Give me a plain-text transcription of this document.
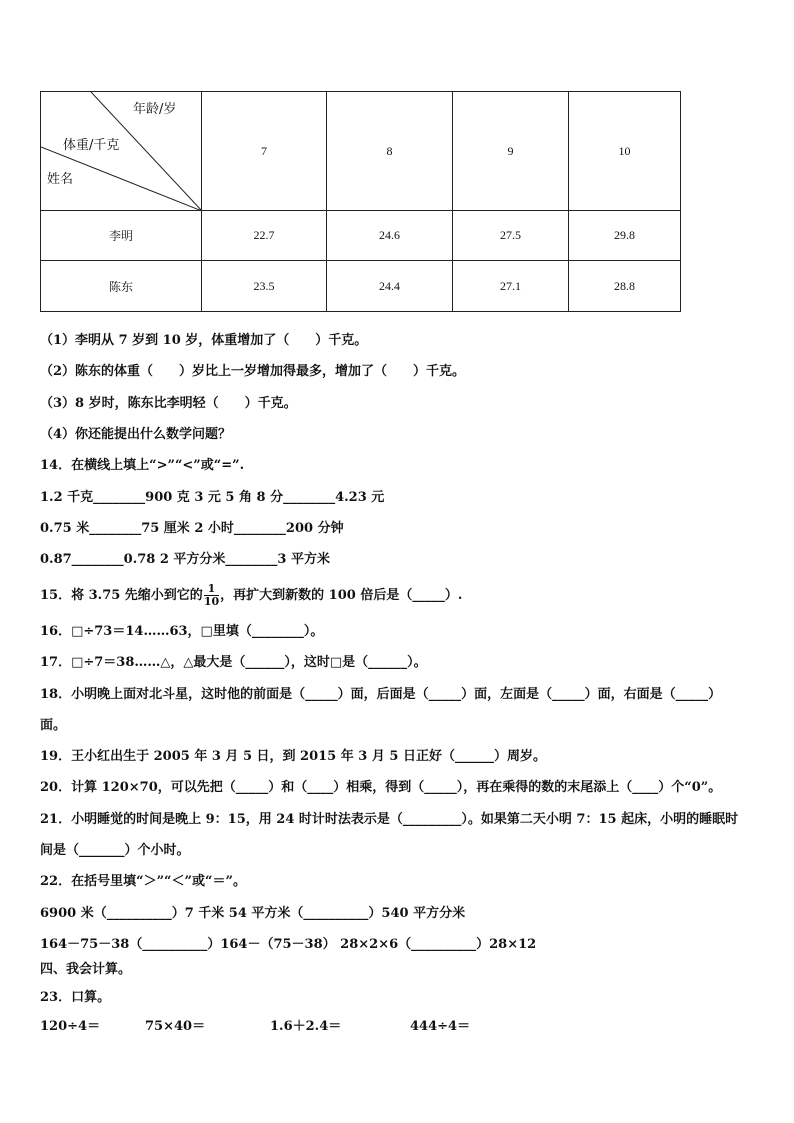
年龄/岁
体重/千克
姓名	7	8	9	10
李明	22.7	24.6	27.5	29.8
陈东	23.5	24.4	27.1	28.8
（1）李明从 7 岁到 10 岁，体重增加了（　　）千克。
（2）陈东的体重（　　）岁比上一岁增加得最多，增加了（　　）千克。
（3）8 岁时，陈东比李明轻（　　）千克。
（4）你还能提出什么数学问题？
14．在横线上填上“>”“<”或“=”.
1.2 千克________900 克 3 元 5 角 8 分________4.23 元
0.75 米________75 厘米 2 小时________200 分钟
0.87________0.78 2 平方分米________3 平方米
15．将 3.75 先缩小到它的 $\frac{1}{10}$ ，再扩大到新数的 100 倍后是（_____）.
16．□÷73＝14……63，□里填（________）。
17．□÷7＝38……△，△最大是（______），这时□是（______）。
18．小明晚上面对北斗星，这时他的前面是（_____）面，后面是（_____）面，左面是（_____）面，右面是（_____）
面。
19．王小红出生于 2005 年 3 月 5 日，到 2015 年 3 月 5 日正好（______）周岁。
20．计算 120×70，可以先把（_____）和（____）相乘，得到（_____），再在乘得的数的末尾添上（____）个“0”。
21．小明睡觉的时间是晚上 9：15，用 24 时计时法表示是（_________）。如果第二天小明 7：15 起床，小明的睡眠时
间是（_______）个小时。
22．在括号里填“＞”“＜”或“＝”。
6900 米（__________）7 千米 54 平方米（__________）540 平方分米
164－75－38（__________）164－（75－38） 28×2×6（__________）28×12
四、我会计算。
23．口算。
120÷4＝	75×40＝	1.6＋2.4＝	444÷4＝
